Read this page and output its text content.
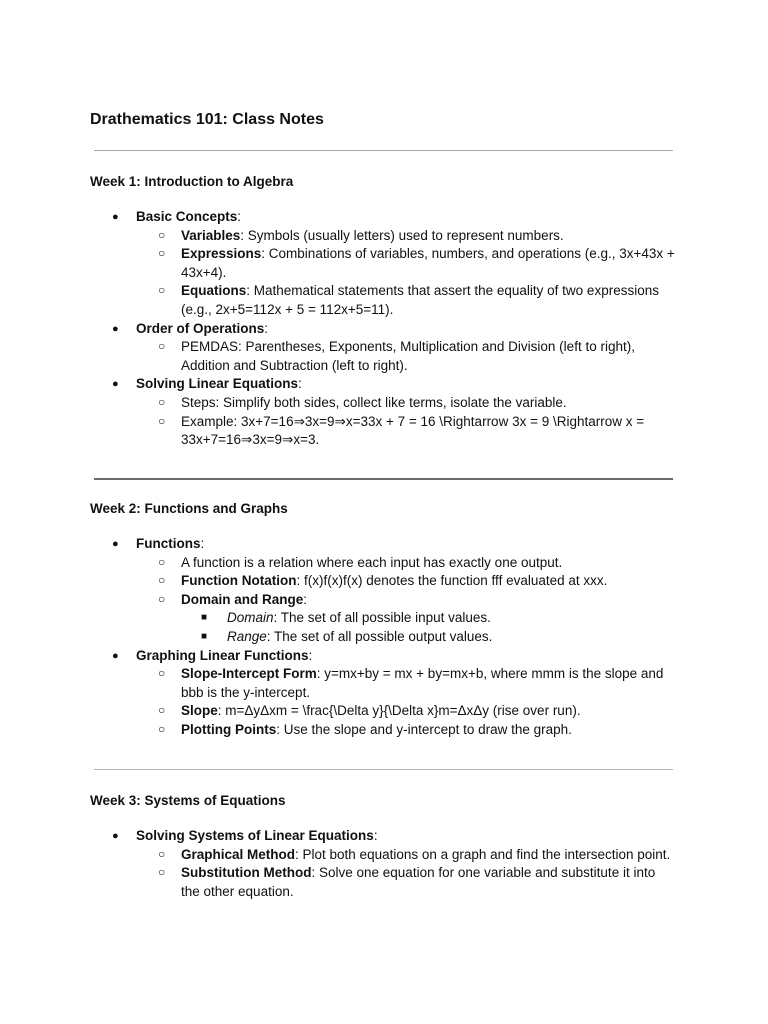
Drathematics 101: Class Notes
Week 1: Introduction to Algebra
● Basic Concepts:
○ Variables: Symbols (usually letters) used to represent numbers.
○ Expressions: Combinations of variables, numbers, and operations (e.g., 3x+43x + 43x+4).
○ Equations: Mathematical statements that assert the equality of two expressions (e.g., 2x+5=112x + 5 = 112x+5=11).
● Order of Operations:
○ PEMDAS: Parentheses, Exponents, Multiplication and Division (left to right), Addition and Subtraction (left to right).
● Solving Linear Equations:
○ Steps: Simplify both sides, collect like terms, isolate the variable.
○ Example: 3x+7=16⇒3x=9⇒x=33x + 7 = 16 \Rightarrow 3x = 9 \Rightarrow x = 33x+7=16⇒3x=9⇒x=3.
Week 2: Functions and Graphs
● Functions:
○ A function is a relation where each input has exactly one output.
○ Function Notation: f(x)f(x)f(x) denotes the function fff evaluated at xxx.
○ Domain and Range:
■ Domain: The set of all possible input values.
■ Range: The set of all possible output values.
● Graphing Linear Functions:
○ Slope-Intercept Form: y=mx+by = mx + by=mx+b, where mmm is the slope and bbb is the y-intercept.
○ Slope: m=ΔyΔxm = \frac{\Delta y}{\Delta x}m=ΔxΔy (rise over run).
○ Plotting Points: Use the slope and y-intercept to draw the graph.
Week 3: Systems of Equations
● Solving Systems of Linear Equations:
○ Graphical Method: Plot both equations on a graph and find the intersection point.
○ Substitution Method: Solve one equation for one variable and substitute it into the other equation.
